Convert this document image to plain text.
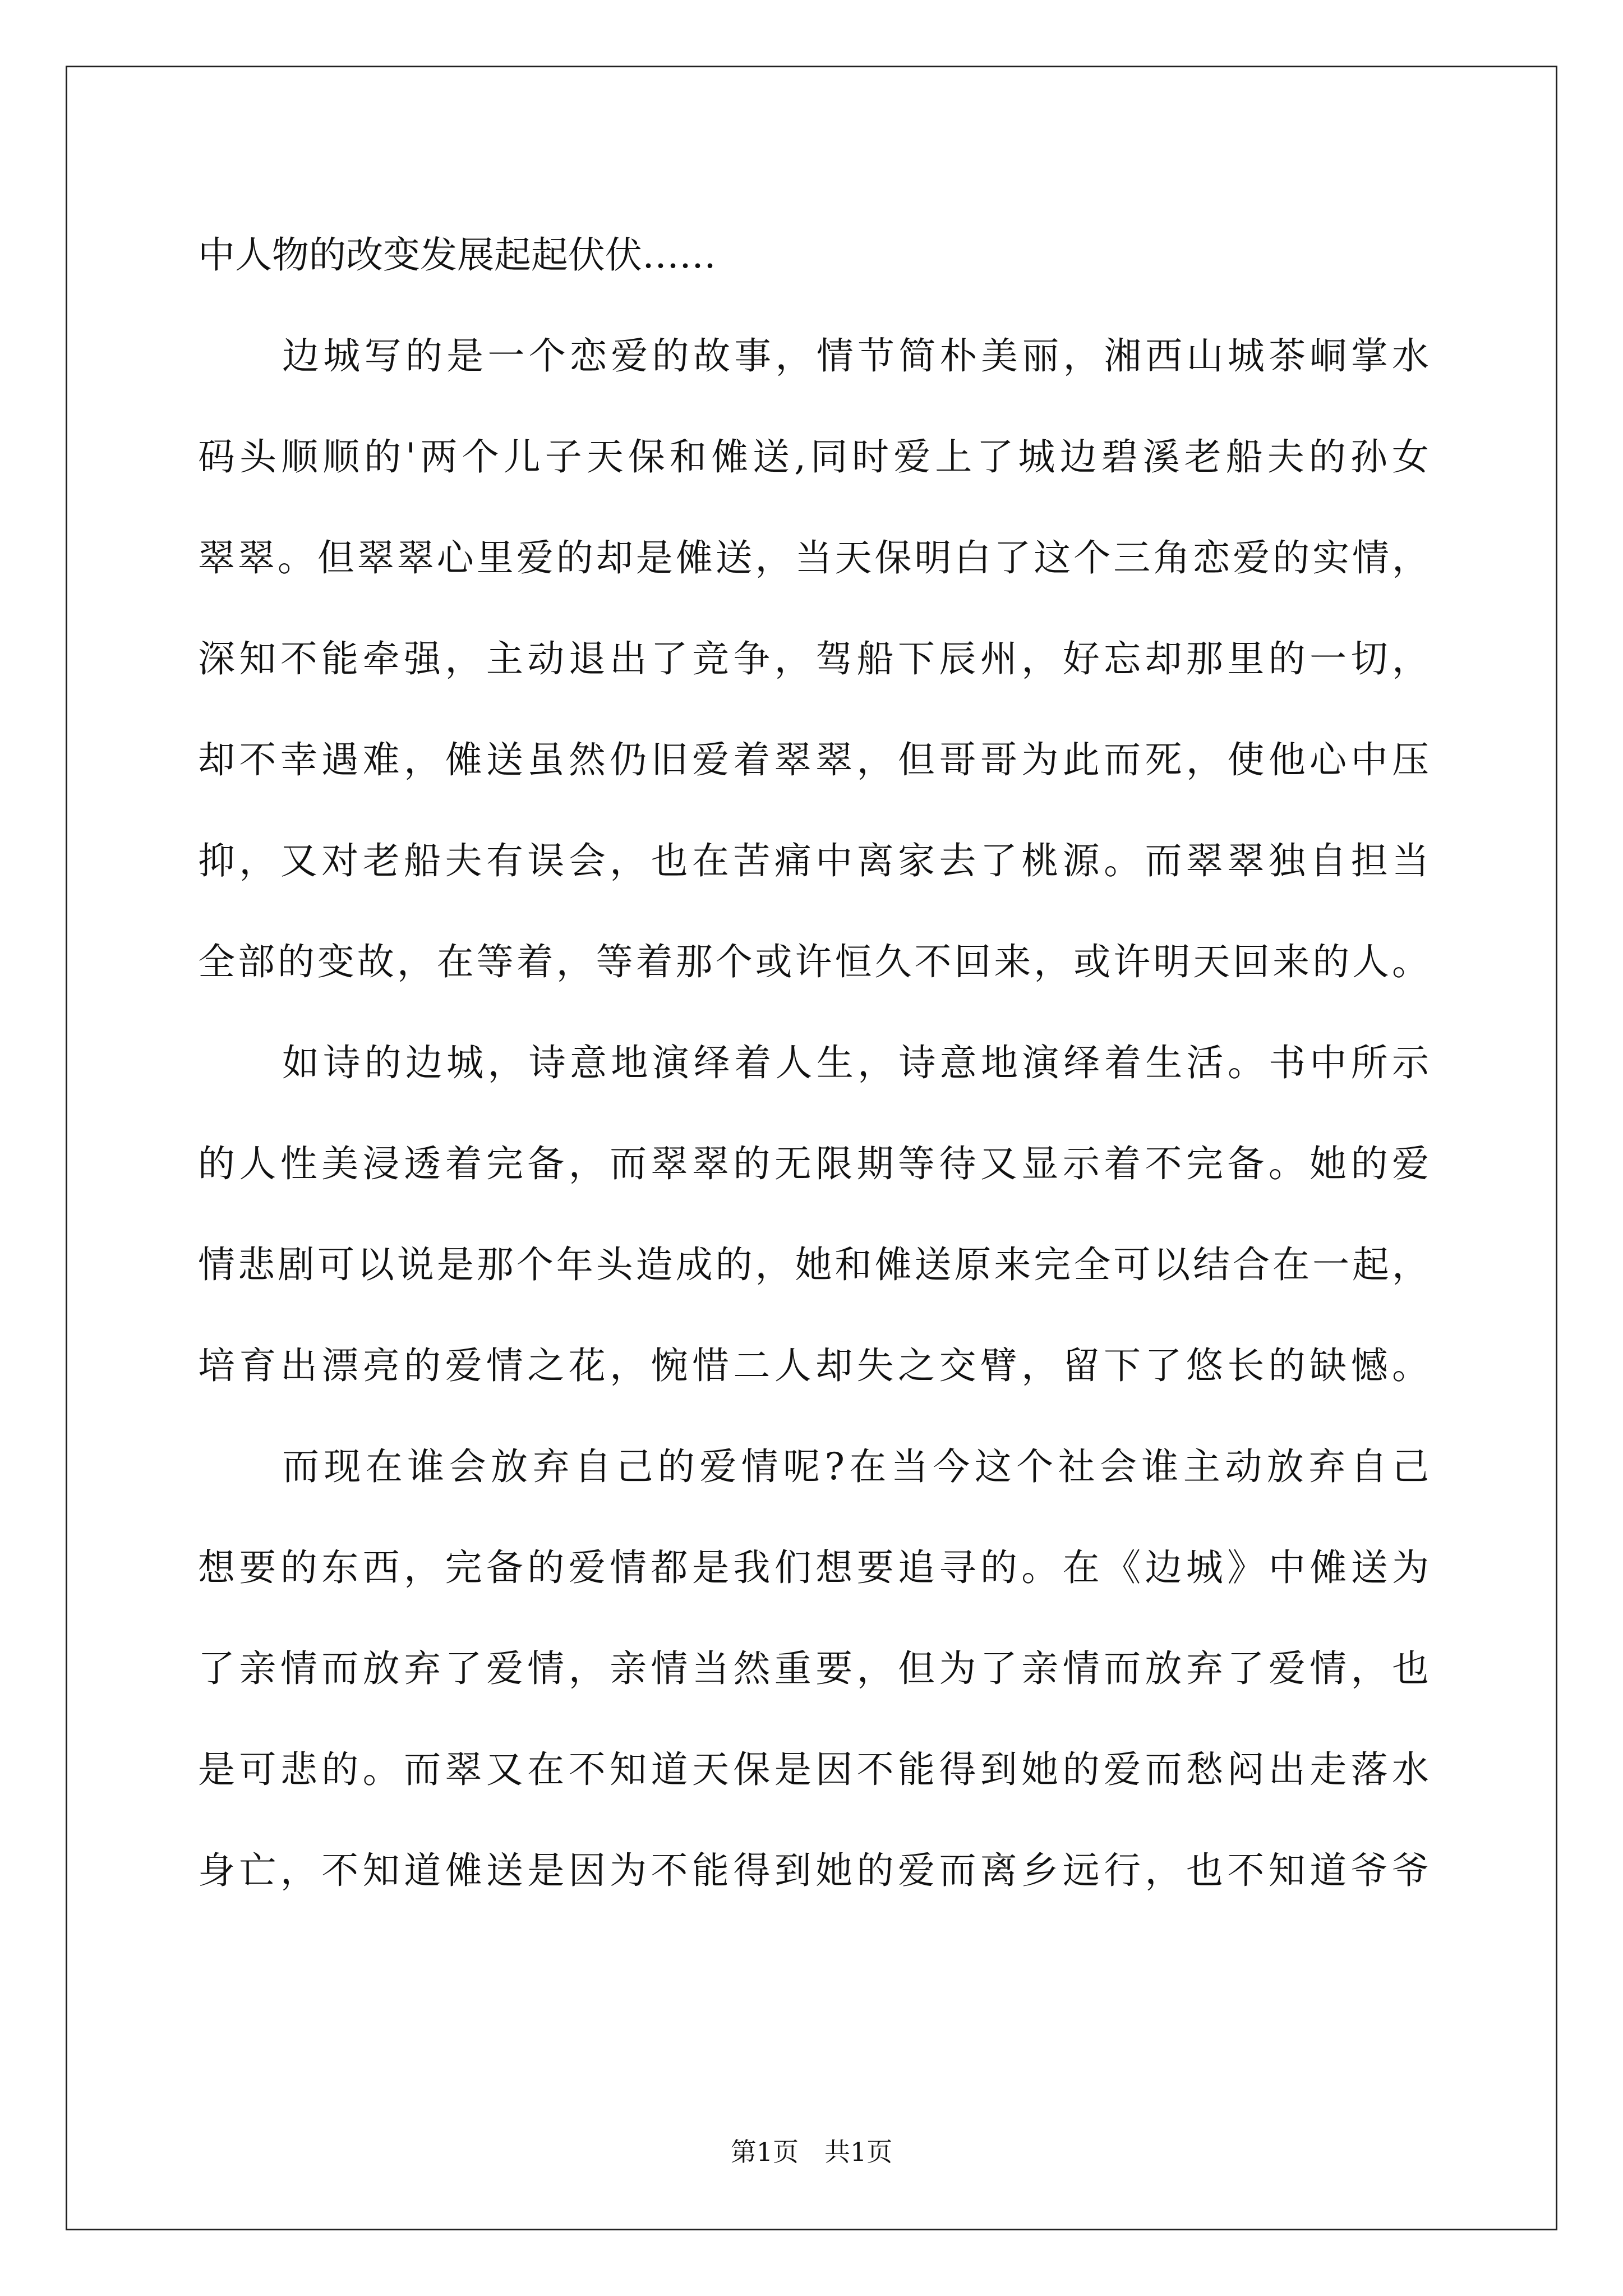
中人物的改变发展起起伏伏……
边城写的是一个恋爱的故事，情节简朴美丽，湘西山城茶峒掌水
码头顺顺的'两个儿子天保和傩送,同时爱上了城边碧溪老船夫的孙女
翠翠。但翠翠心里爱的却是傩送，当天保明白了这个三角恋爱的实情，
深知不能牵强，主动退出了竞争，驾船下辰州，好忘却那里的一切，
却不幸遇难，傩送虽然仍旧爱着翠翠，但哥哥为此而死，使他心中压
抑，又对老船夫有误会，也在苦痛中离家去了桃源。而翠翠独自担当
全部的变故，在等着，等着那个或许恒久不回来，或许明天回来的人。
如诗的边城，诗意地演绎着人生，诗意地演绎着生活。书中所示
的人性美浸透着完备，而翠翠的无限期等待又显示着不完备。她的爱
情悲剧可以说是那个年头造成的，她和傩送原来完全可以结合在一起，
培育出漂亮的爱情之花，惋惜二人却失之交臂，留下了悠长的缺憾。
而现在谁会放弃自己的爱情呢?在当今这个社会谁主动放弃自己
想要的东西，完备的爱情都是我们想要追寻的。在《边城》中傩送为
了亲情而放弃了爱情，亲情当然重要，但为了亲情而放弃了爱情，也
是可悲的。而翠又在不知道天保是因不能得到她的爱而愁闷出走落水
身亡，不知道傩送是因为不能得到她的爱而离乡远行，也不知道爷爷
第1页　共1页
